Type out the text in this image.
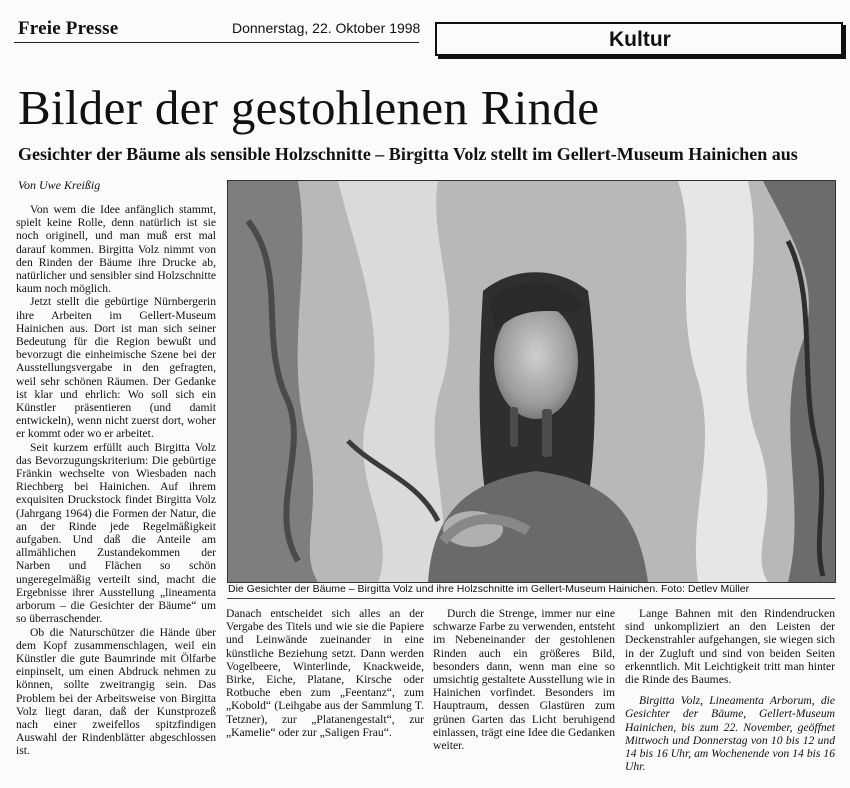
Freie Presse	Donnerstag, 22. Oktober 1998	Kultur
Bilder der gestohlenen Rinde
Gesichter der Bäume als sensible Holzschnitte – Birgitta Volz stellt im Gellert-Museum Hainichen aus
Von Uwe Kreißig

Von wem die Idee anfänglich stammt, spielt keine Rolle, denn natürlich ist sie noch originell, und man muß erst mal darauf kommen. Birgitta Volz nimmt von den Rinden der Bäume ihre Drucke ab, natürlicher und sensibler sind Holzschnitte kaum noch möglich.

Jetzt stellt die gebürtige Nürnbergerin ihre Arbeiten im Gellert-Museum Hainichen aus. Dort ist man sich seiner Bedeutung für die Region bewußt und bevorzugt die einheimische Szene bei der Ausstellungsvergabe in den gefragten, weil sehr schönen Räumen. Der Gedanke ist klar und ehrlich: Wo soll sich ein Künstler präsentieren (und damit entwickeln), wenn nicht zuerst dort, woher er kommt oder wo er arbeitet.

Seit kurzem erfüllt auch Birgitta Volz das Bevorzugungskriterium: Die gebürtige Fränkin wechselte von Wiesbaden nach Riechberg bei Hainichen. Auf ihrem exquisiten Druckstock findet Birgitta Volz (Jahrgang 1964) die Formen der Natur, die an der Rinde jede Regelmäßigkeit aufgaben. Und daß die Anteile am allmählichen Zustandekommen der Narben und Flächen so schön ungeregelmäßig verteilt sind, macht die Ergebnisse ihrer Ausstellung „lineamenta arborum – die Gesichter der Bäume“ um so überraschender.

Ob die Naturschützer die Hände über dem Kopf zusammenschlagen, weil ein Künstler die gute Baumrinde mit Ölfarbe einpinselt, um einen Abdruck nehmen zu können, sollte zweitrangig sein. Das Problem bei der Arbeitsweise von Birgitta Volz liegt daran, daß der Kunstprozeß nach einer zweifellos spitzfindigen Auswahl der Rindenblätter abgeschlossen ist.

Die Gesichter der Bäume – Birgitta Volz und ihre Holzschnitte im Gellert-Museum Hainichen. Foto: Detlev Müller

Danach entscheidet sich alles an der Vergabe des Titels und wie sie die Papiere und Leinwände zueinander in eine künstliche Beziehung setzt. Dann werden Vogelbeere, Winterlinde, Knackweide, Birke, Eiche, Platane, Kirsche oder Rotbuche eben zum „Feentanz“, zum „Kobold“ (Leihgabe aus der Sammlung T. Tetzner), zur „Platanengestalt“, zur „Kamelie“ oder zur „Saligen Frau“.

Durch die Strenge, immer nur eine schwarze Farbe zu verwenden, entsteht im Nebeneinander der gestohlenen Rinden auch ein größeres Bild, besonders dann, wenn man eine so umsichtig gestaltete Ausstellung wie in Hainichen vorfindet. Besonders im Hauptraum, dessen Glastüren zum grünen Garten das Licht beruhigend einlassen, trägt eine Idee die Gedanken weiter.

Lange Bahnen mit den Rindendrucken sind unkompliziert an den Leisten der Deckenstrahler aufgehangen, sie wiegen sich in der Zugluft und sind von beiden Seiten erkenntlich. Mit Leichtigkeit tritt man hinter die Rinde des Baumes.

Birgitta Volz, Lineamenta Arborum, die Gesichter der Bäume, Gellert-Museum Hainichen, bis zum 22. November, geöffnet Mittwoch und Donnerstag von 10 bis 12 und 14 bis 16 Uhr, am Wochenende von 14 bis 16 Uhr.
